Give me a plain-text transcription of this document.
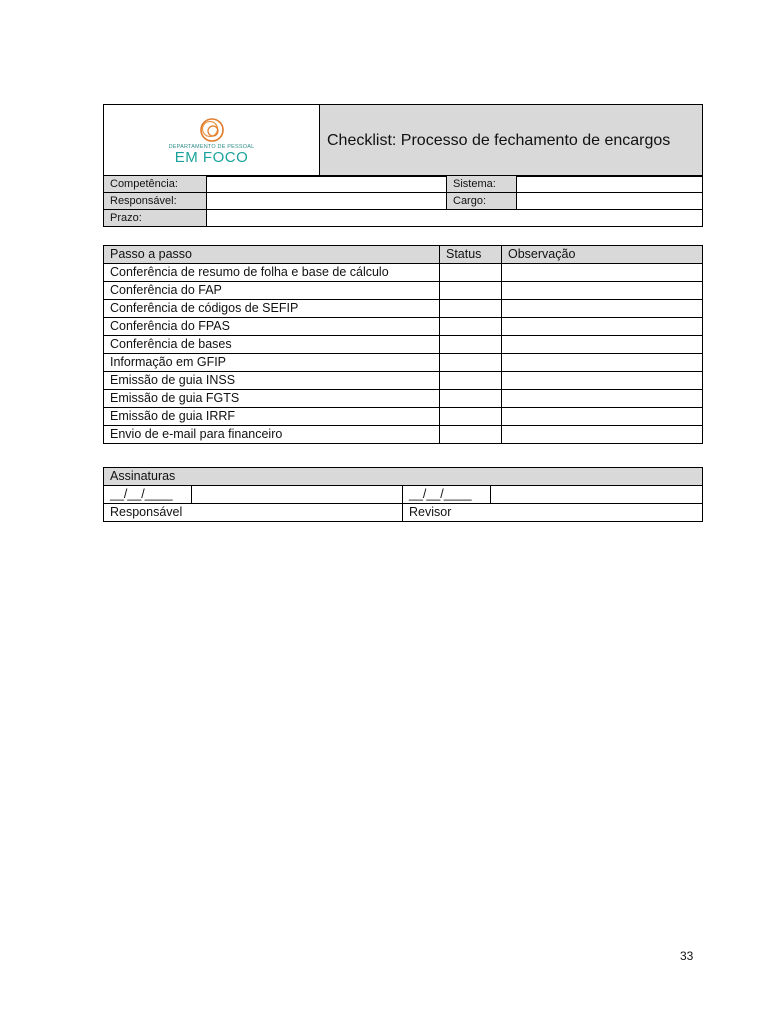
DEPARTAMENTO DE PESSOAL
EM FOCO
	Checklist: Processo de fechamento de encargos
Competência:		Sistema:	
Responsável:		Cargo:	
Prazo:			
Passo a passo	Status	Observação
Conferência de resumo de folha e base de cálculo		
Conferência do FAP		
Conferência de códigos de SEFIP		
Conferência do FPAS		
Conferência de bases		
Informação em GFIP		
Emissão de guia INSS		
Emissão de guia FGTS		
Emissão de guia IRRF		
Envio de e-mail para financeiro		
Assinaturas			
__/__/____		__/__/____	
Responsável		Revisor	
33
